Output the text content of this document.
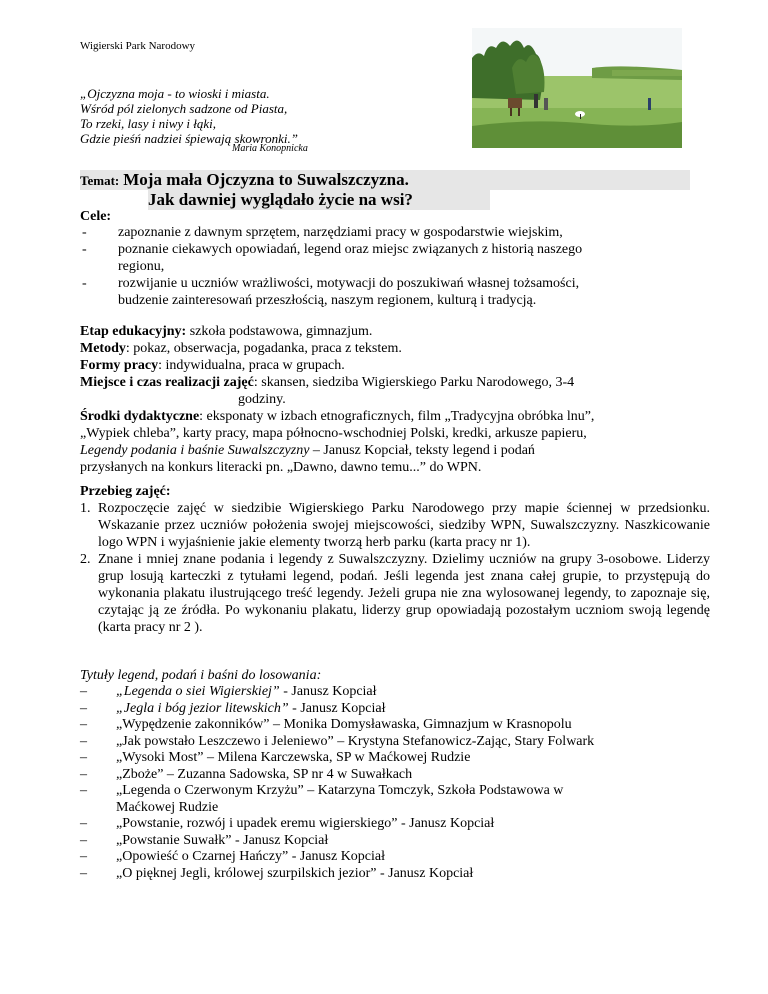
Wigierski Park Narodowy
„Ojczyzna moja - to wioski i miasta.
Wśród pól zielonych sadzone od Piasta,
To rzeki, lasy i niwy i łąki,
Gdzie pieśń nadziei śpiewają skowronki.”
Maria Konopnicka
Temat: Moja mała Ojczyzna to Suwalszczyzna.
Jak dawniej wyglądało życie na wsi?
Cele:
-	zapoznanie z dawnym sprzętem, narzędziami pracy w gospodarstwie wiejskim,
-	poznanie ciekawych opowiadań, legend oraz miejsc związanych z historią naszego
regionu,
-	rozwijanie u uczniów wrażliwości, motywacji do poszukiwań własnej tożsamości,
budzenie zainteresowań przeszłością, naszym regionem, kulturą i tradycją.
Etap edukacyjny: szkoła podstawowa, gimnazjum.
Metody: pokaz, obserwacja, pogadanka, praca z tekstem.
Formy pracy: indywidualna, praca w grupach.
Miejsce i czas realizacji zajęć: skansen, siedziba Wigierskiego Parku Narodowego, 3-4
godziny.
Środki dydaktyczne: eksponaty w izbach etnograficznych, film „Tradycyjna obróbka lnu”,
„Wypiek chleba”, karty pracy, mapa północno-wschodniej Polski, kredki, arkusze papieru,
Legendy podania i baśnie Suwalszczyzny – Janusz Kopciał, teksty legend i podań
przysłanych na konkurs literacki pn. „Dawno, dawno temu...” do WPN.
Przebieg zajęć:
1. Rozpoczęcie zajęć w siedzibie Wigierskiego Parku Narodowego przy mapie ściennej w przedsionku. Wskazanie przez uczniów położenia swojej miejscowości, siedziby WPN, Suwalszczyzny. Naszkicowanie logo WPN i wyjaśnienie jakie elementy tworzą herb parku (karta pracy nr 1).
2. Znane i mniej znane podania i legendy z Suwalszczyzny. Dzielimy uczniów na grupy 3-osobowe. Liderzy grup losują karteczki z tytułami legend, podań. Jeśli legenda jest znana całej grupie, to przystępują do wykonania plakatu ilustrującego treść legendy. Jeżeli grupa nie zna wylosowanej legendy, to zapoznaje się, czytając ją ze źródła. Po wykonaniu plakatu, liderzy grup opowiadają pozostałym uczniom swoją legendę (karta pracy nr 2 ).
Tytuły legend, podań i baśni do losowania:
– „Legenda o siei Wigierskiej” - Janusz Kopciał
– „Jegla i bóg jezior litewskich” - Janusz Kopciał
– „Wypędzenie zakonników” – Monika Domysławaska, Gimnazjum w Krasnopolu
– „Jak powstało Leszczewo i Jeleniewo” – Krystyna Stefanowicz-Zając, Stary Folwark
– „Wysoki Most” – Milena Karczewska, SP w Maćkowej Rudzie
– „Zboże” – Zuzanna Sadowska, SP nr 4 w Suwałkach
– „Legenda o Czerwonym Krzyżu” – Katarzyna Tomczyk, Szkoła Podstawowa w
Maćkowej Rudzie
– „Powstanie, rozwój i upadek eremu wigierskiego” - Janusz Kopciał
– „Powstanie Suwałk” - Janusz Kopciał
– „Opowieść o Czarnej Hańczy” - Janusz Kopciał
– „O pięknej Jegli, królowej szurpilskich jezior” - Janusz Kopciał
